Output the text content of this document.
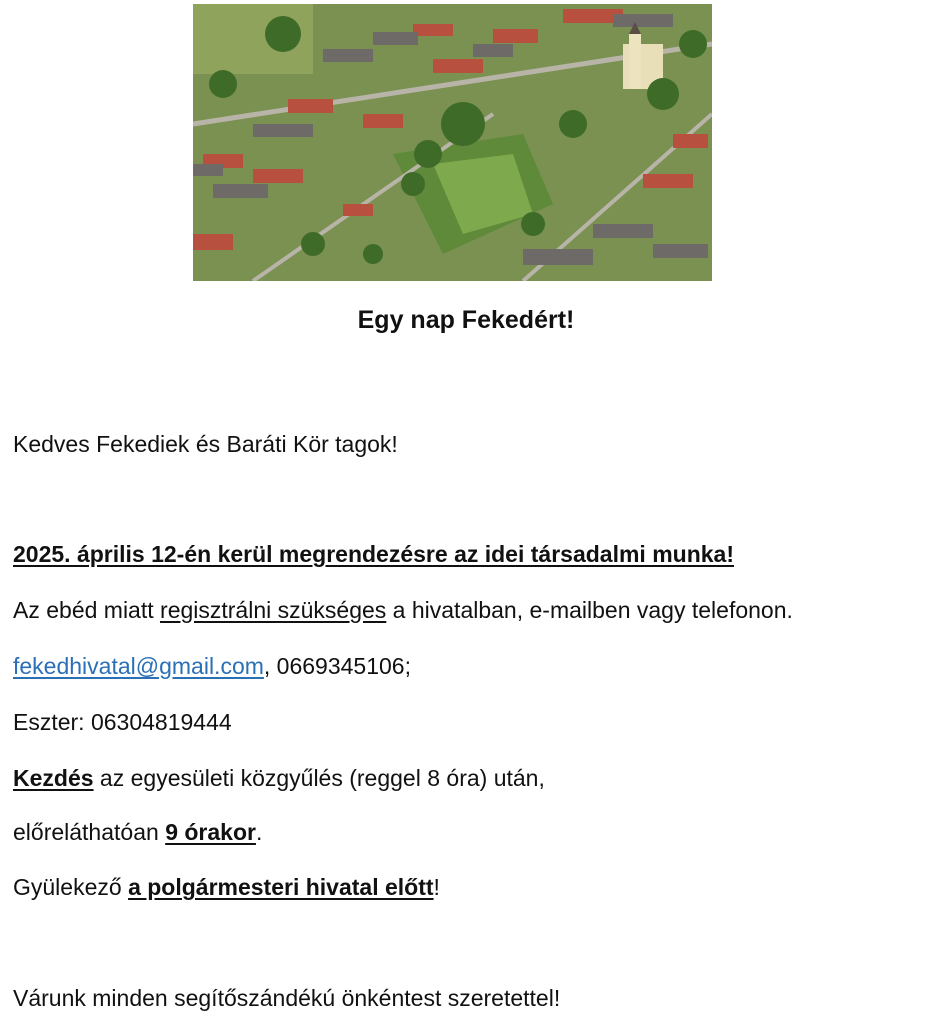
Egy nap Fekedért!
Kedves Fekediek és Baráti Kör tagok!
2025. április 12-én kerül megrendezésre az idei társadalmi munka!
Az ebéd miatt regisztrálni szükséges a hivatalban, e-mailben vagy telefonon.
fekedhivatal@gmail.com, 0669345106;
Eszter: 06304819444
Kezdés az egyesületi közgyűlés (reggel 8 óra) után,
előreláthatóan 9 órakor.
Gyülekező a polgármesteri hivatal előtt!
Várunk minden segítőszándékú önkéntest szeretettel!
